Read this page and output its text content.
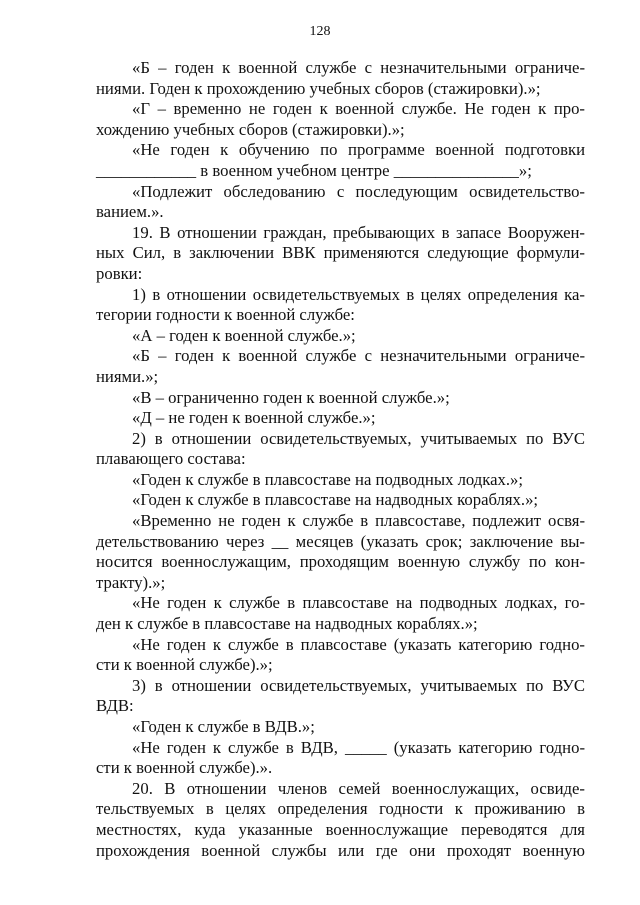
128

«Б – годен к военной службе с незначительными ограниче-
ниями. Годен к прохождению учебных сборов (стажировки).»;
«Г – временно не годен к военной службе. Не годен к про-
хождению учебных сборов (стажировки).»;
«Не годен к обучению по программе военной подготовки
____________ в военном учебном центре _______________»;
«Подлежит обследованию с последующим освидетельство-
ванием.».
19. В отношении граждан, пребывающих в запасе Вооружен-
ных Сил, в заключении ВВК применяются следующие формули-
ровки:
1) в отношении освидетельствуемых в целях определения ка-
тегории годности к военной службе:
«А – годен к военной службе.»;
«Б – годен к военной службе с незначительными ограниче-
ниями.»;
«В – ограниченно годен к военной службе.»;
«Д – не годен к военной службе.»;
2) в отношении освидетельствуемых, учитываемых по ВУС
плавающего состава:
«Годен к службе в плавсоставе на подводных лодках.»;
«Годен к службе в плавсоставе на надводных кораблях.»;
«Временно не годен к службе в плавсоставе, подлежит освя-
детельствованию через __ месяцев (указать срок; заключение вы-
носится военнослужащим, проходящим военную службу по кон-
тракту).»;
«Не годен к службе в плавсоставе на подводных лодках, го-
ден к службе в плавсоставе на надводных кораблях.»;
«Не годен к службе в плавсоставе (указать категорию годно-
сти к военной службе).»;
3) в отношении освидетельствуемых, учитываемых по ВУС
ВДВ:
«Годен к службе в ВДВ.»;
«Не годен к службе в ВДВ, _____ (указать категорию годно-
сти к военной службе).».
20. В отношении членов семей военнослужащих, освиде-
тельствуемых в целях определения годности к проживанию в
местностях, куда указанные военнослужащие переводятся для
прохождения военной службы или где они проходят военную
